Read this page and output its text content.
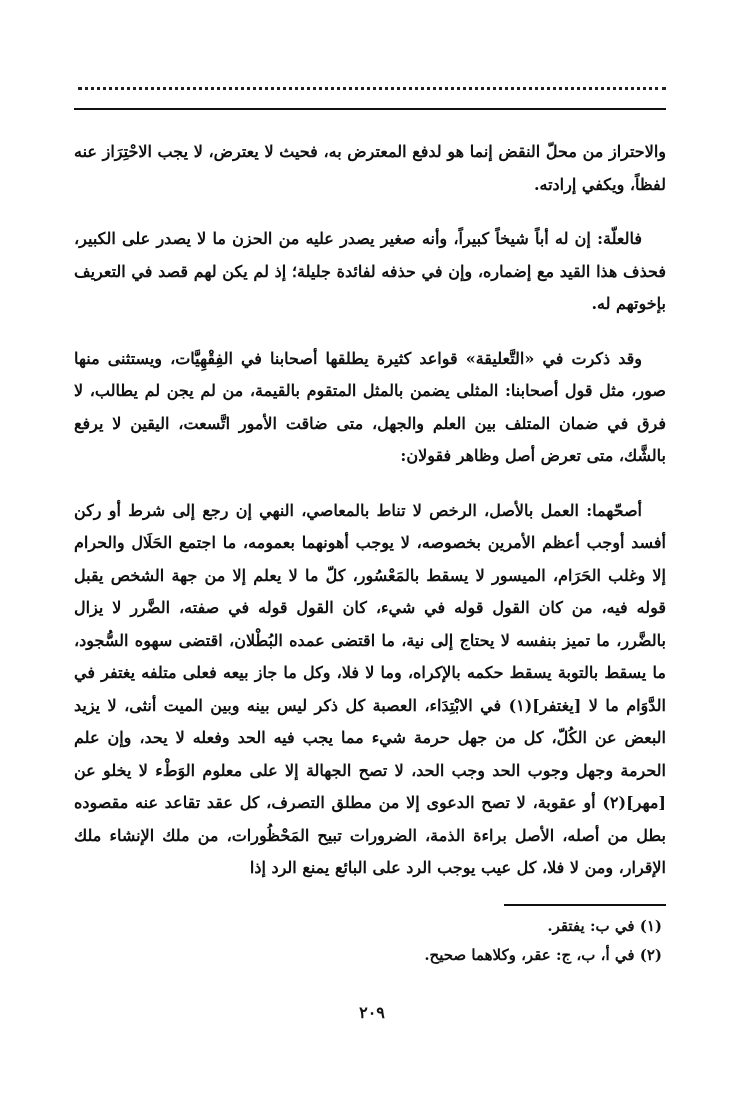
والاحتراز من محلّ النقض إنما هو لدفع المعترض به، فحيث لا يعترض، لا يجب الاحْتِرَاز عنه لفظاً، ويكفي إرادته.

فالعلّة: إن له أباً شيخاً كبيراً، وأنه صغير يصدر عليه من الحزن ما لا يصدر على الكبير، فحذف هذا القيد مع إضماره، وإن في حذفه لفائدة جليلة؛ إذ لم يكن لهم قصد في التعريف بإخوتهم له.

وقد ذكرت في «التَّعليقة» قواعد كثيرة يطلقها أصحابنا في الفِقْهِيَّات، ويستثنى منها صور، مثل قول أصحابنا: المثلى يضمن بالمثل المتقوم بالقيمة، من لم يجن لم يطالب، لا فرق في ضمان المتلف بين العلم والجهل، متى ضاقت الأمور اتَّسعت، اليقين لا يرفع بالشَّك، متى تعرض أصل وظاهر فقولان:

أصحّهما: العمل بالأصل، الرخص لا تناط بالمعاصي، النهي إن رجع إلى شرط أو ركن أفسد أوجب أعظم الأمرين بخصوصه، لا يوجب أهونهما بعمومه، ما اجتمع الحَلَال والحرام إلا وغلب الحَرَام، الميسور لا يسقط بالمَعْسُور، كلّ ما لا يعلم إلا من جهة الشخص يقبل قوله فيه، من كان القول قوله في شيء، كان القول قوله في صفته، الضَّرر لا يزال بالضَّرر، ما تميز بنفسه لا يحتاج إلى نية، ما اقتضى عمده البُطْلان، اقتضى سهوه السُّجود، ما يسقط بالتوبة يسقط حكمه بالإكراه، وما لا فلا، وكل ما جاز بيعه فعلى متلفه يغتفر في الدَّوَام ما لا [يغتفر](١) في الابْتِدَاء، العصبة كل ذكر ليس بينه وبين الميت أنثى، لا يزيد البعض عن الكُلّ، كل من جهل حرمة شيء مما يجب فيه الحد وفعله لا يحد، وإن علم الحرمة وجهل وجوب الحد وجب الحد، لا تصح الجهالة إلا على معلوم الوَطْء لا يخلو عن [مهر](٢) أو عقوبة، لا تصح الدعوى إلا من مطلق التصرف، كل عقد تقاعد عنه مقصوده بطل من أصله، الأصل براءة الذمة، الضرورات تبيح المَحْظُورات، من ملك الإنشاء ملك الإقرار، ومن لا فلا، كل عيب يوجب الرد على البائع يمنع الرد إذا

(١) في ب: يفتقر.
(٢) في أ، ب، ج: عقر، وكلاهما صحيح.
٢٠٩
